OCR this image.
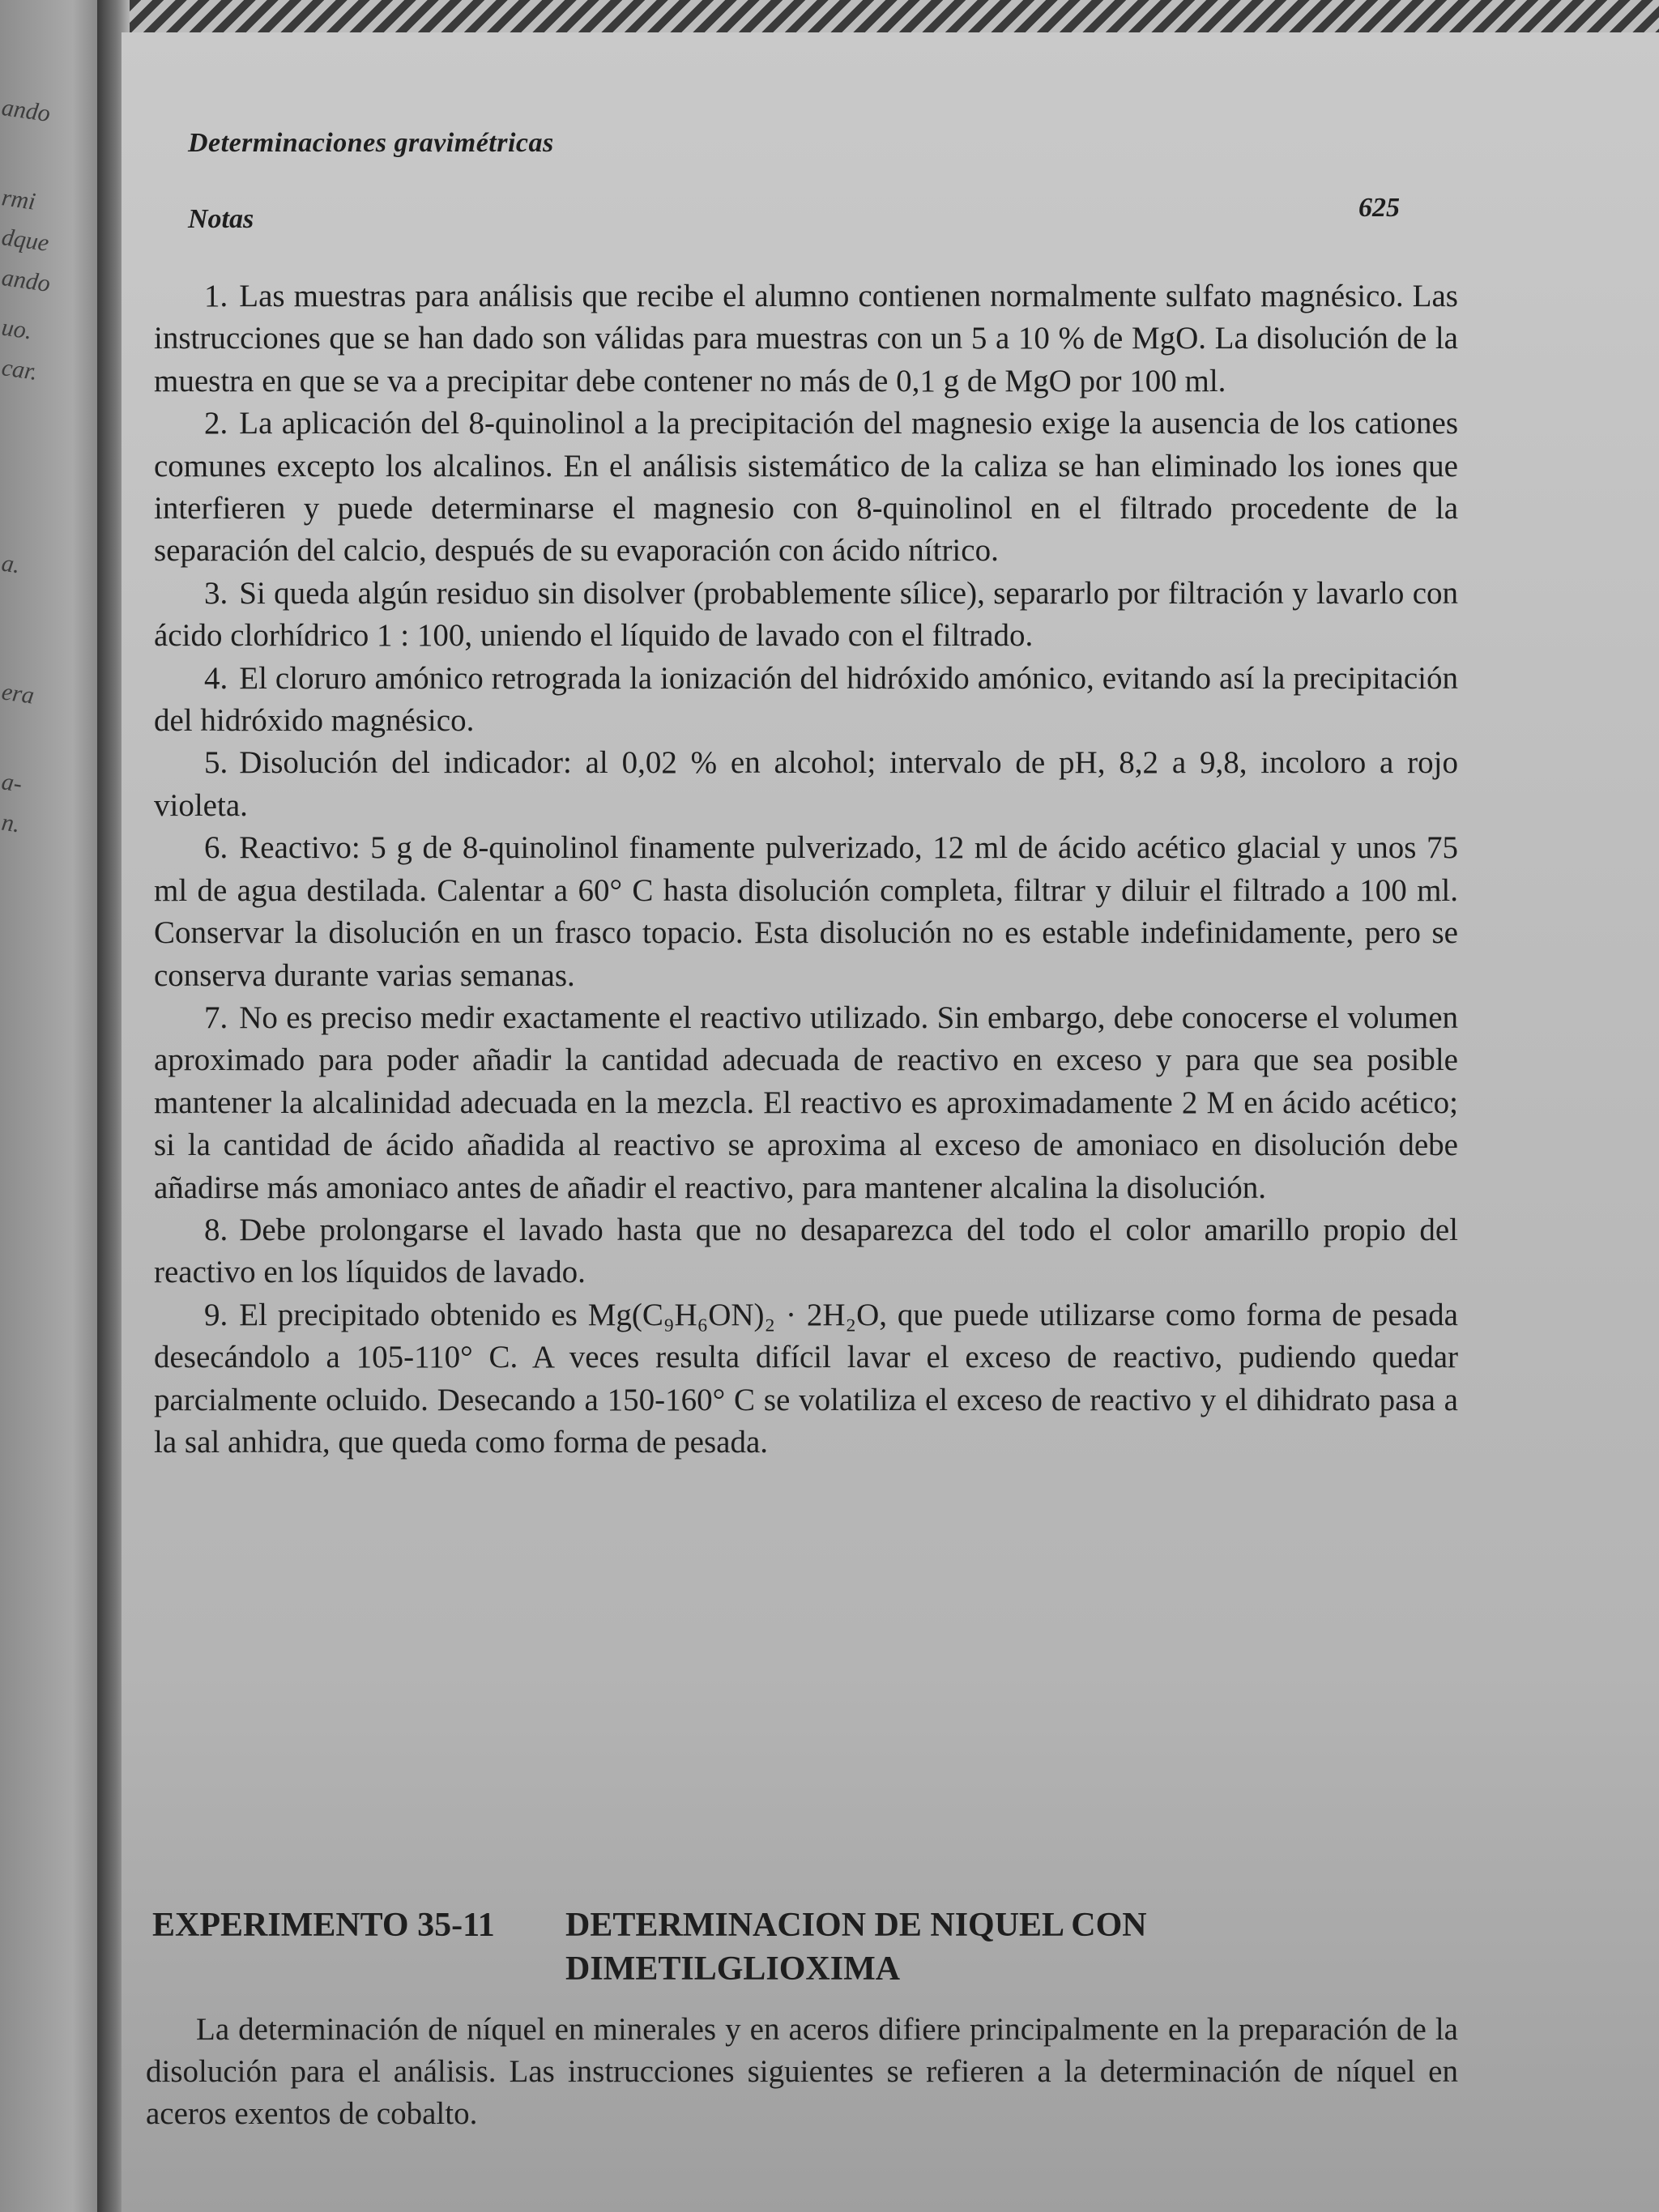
ando
rmi
dque
ando
uo.
car.
a.
era
a-
n.
Determinaciones gravimétricas
Notas	625

1. Las muestras para análisis que recibe el alumno contienen normalmente sulfato magnésico. Las instrucciones que se han dado son válidas para muestras con un 5 a 10 % de MgO. La disolución de la muestra en que se va a precipitar debe contener no más de 0,1 g de MgO por 100 ml.

2. La aplicación del 8-quinolinol a la precipitación del magnesio exige la ausencia de los cationes comunes excepto los alcalinos. En el análisis sistemático de la caliza se han eliminado los iones que interfieren y puede determinarse el magnesio con 8-quinolinol en el filtrado procedente de la separación del calcio, después de su evaporación con ácido nítrico.

3. Si queda algún residuo sin disolver (probablemente sílice), separarlo por filtración y lavarlo con ácido clorhídrico 1 : 100, uniendo el líquido de lavado con el filtrado.

4. El cloruro amónico retrograda la ionización del hidróxido amónico, evitando así la precipitación del hidróxido magnésico.

5. Disolución del indicador: al 0,02 % en alcohol; intervalo de pH, 8,2 a 9,8, incoloro a rojo violeta.

6. Reactivo: 5 g de 8-quinolinol finamente pulverizado, 12 ml de ácido acético glacial y unos 75 ml de agua destilada. Calentar a 60° C hasta disolución completa, filtrar y diluir el filtrado a 100 ml. Conservar la disolución en un frasco topacio. Esta disolución no es estable indefinidamente, pero se conserva durante varias semanas.

7. No es preciso medir exactamente el reactivo utilizado. Sin embargo, debe conocerse el volumen aproximado para poder añadir la cantidad adecuada de reactivo en exceso y para que sea posible mantener la alcalinidad adecuada en la mezcla. El reactivo es aproximadamente 2 M en ácido acético; si la cantidad de ácido añadida al reactivo se aproxima al exceso de amoniaco en disolución debe añadirse más amoniaco antes de añadir el reactivo, para mantener alcalina la disolución.

8. Debe prolongarse el lavado hasta que no desaparezca del todo el color amarillo propio del reactivo en los líquidos de lavado.

9. El precipitado obtenido es Mg(C₉H₆ON)₂ · 2H₂O, que puede utilizarse como forma de pesada desecándolo a 105-110° C. A veces resulta difícil lavar el exceso de reactivo, pudiendo quedar parcialmente ocluido. Desecando a 150-160° C se volatiliza el exceso de reactivo y el dihidrato pasa a la sal anhidra, que queda como forma de pesada.

EXPERIMENTO 35-11	DETERMINACION DE NIQUEL CON DIMETILGLIOXIMA

La determinación de níquel en minerales y en aceros difiere principalmente en la preparación de la disolución para el análisis. Las instrucciones siguientes se refieren a la determinación de níquel en aceros exentos de cobalto.
